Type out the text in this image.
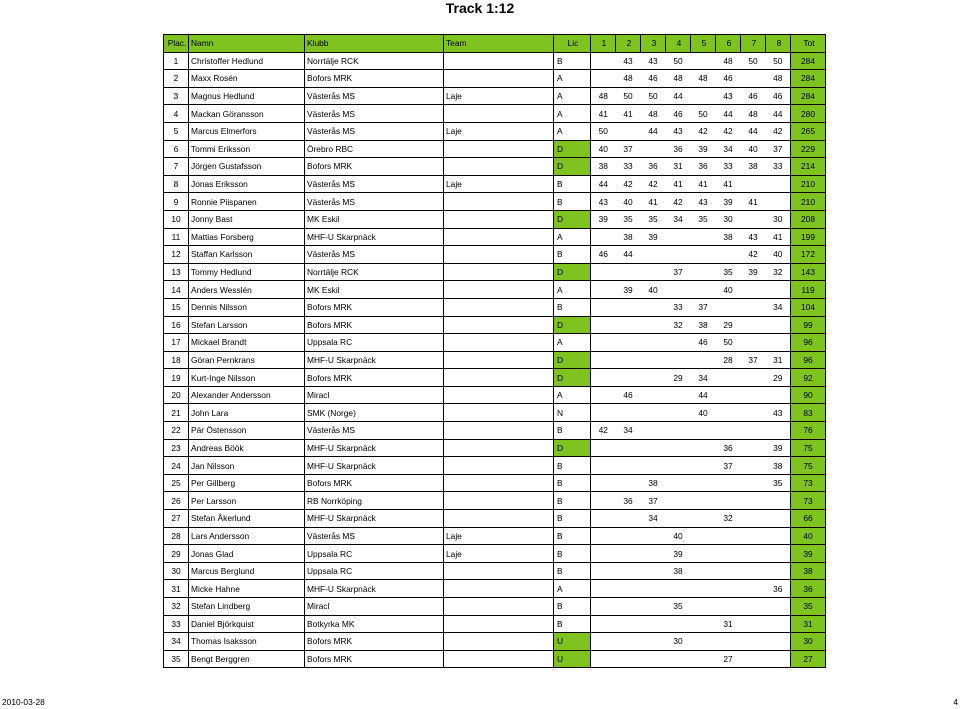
Track 1:12
Plac.	Namn	Klubb	Team	Lic	1	2	3	4	5	6	7	8	Tot
1	Christoffer Hedlund	Norrtälje RCK		B		43	43	50		48	50	50	284
2	Maxx Rosén	Bofors MRK		A		48	46	48	48	46		48	284
3	Magnus Hedlund	Västerås MS	Laje	A	48	50	50	44		43	46	46	284
4	Mackan Göransson	Västerås MS		A	41	41	48	46	50	44	48	44	280
5	Marcus Elmerfors	Västerås MS	Laje	A	50		44	43	42	42	44	42	265
6	Tommi Eriksson	Örebro RBC		D	40	37		36	39	34	40	37	229
7	Jörgen Gustafsson	Bofors MRK		D	38	33	36	31	36	33	38	33	214
8	Jonas Eriksson	Västerås MS	Laje	B	44	42	42	41	41	41			210
9	Ronnie Piispanen	Västerås MS		B	43	40	41	42	43	39	41		210
10	Jonny Bast	MK Eskil		D	39	35	35	34	35	30		30	208
11	Mattias Forsberg	MHF-U Skarpnäck		A		38	39			38	43	41	199
12	Staffan Karlsson	Västerås MS		B	46	44					42	40	172
13	Tommy Hedlund	Norrtälje RCK		D				37		35	39	32	143
14	Anders Wesslén	MK Eskil		A		39	40			40			119
15	Dennis Nilsson	Bofors MRK		B				33	37			34	104
16	Stefan Larsson	Bofors MRK		D				32	38	29			99
17	Mickael Brandt	Uppsala RC		A					46	50			96
18	Göran Pernkrans	MHF-U Skarpnäck		D						28	37	31	96
19	Kurt-Inge Nilsson	Bofors MRK		D				29	34			29	92
20	Alexander Andersson	Miracl		A		46			44				90
21	John Lara	SMK (Norge)		N					40			43	83
22	Pär Östensson	Västerås MS		B	42	34							76
23	Andreas Böök	MHF-U Skarpnäck		D						36		39	75
24	Jan Nilsson	MHF-U Skarpnäck		B						37		38	75
25	Per Gillberg	Bofors MRK		B			38					35	73
26	Per Larsson	RB Norrköping		B		36	37						73
27	Stefan Åkerlund	MHF-U Skarpnäck		B			34			32			66
28	Lars Andersson	Västerås MS	Laje	B				40					40
29	Jonas Glad	Uppsala RC	Laje	B				39					39
30	Marcus Berglund	Uppsala RC		B				38					38
31	Micke Hahne	MHF-U Skarpnäck		A								36	36
32	Stefan Lindberg	Miracl		B				35					35
33	Daniel Björkquist	Botkyrka MK		B						31			31
34	Thomas Isaksson	Bofors MRK		U				30					30
35	Bengt Berggren	Bofors MRK		U						27			27
2010-03-28	4
